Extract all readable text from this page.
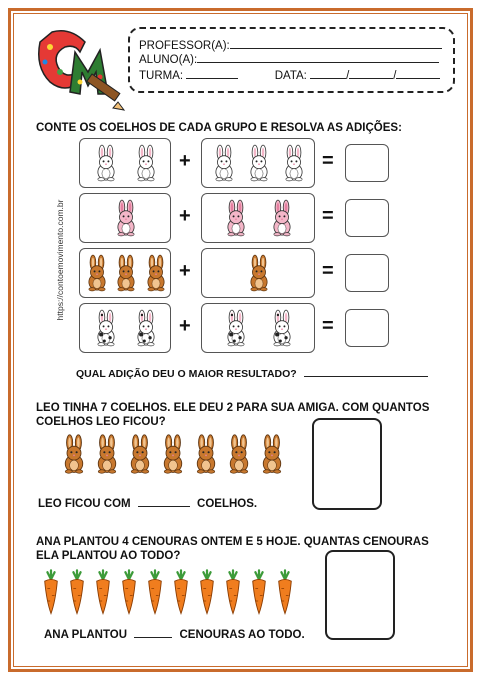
CM
PROFESSOR(A):
ALUNO(A):
TURMA:	DATA:	/	/
CONTE OS COELHOS DE CADA GRUPO E RESOLVA AS ADIÇÕES:
https://contoemovimento.com.br
+	=
+	=
+	=
+	=
QUAL ADIÇÃO DEU O MAIOR RESULTADO?
LEO TINHA 7 COELHOS. ELE DEU 2 PARA SUA AMIGA. COM QUANTOS COELHOS LEO FICOU?
LEO FICOU COM	COELHOS.
ANA PLANTOU 4 CENOURAS ONTEM E 5 HOJE. QUANTAS CENOURAS ELA PLANTOU AO TODO?
ANA PLANTOU	CENOURAS AO TODO.
